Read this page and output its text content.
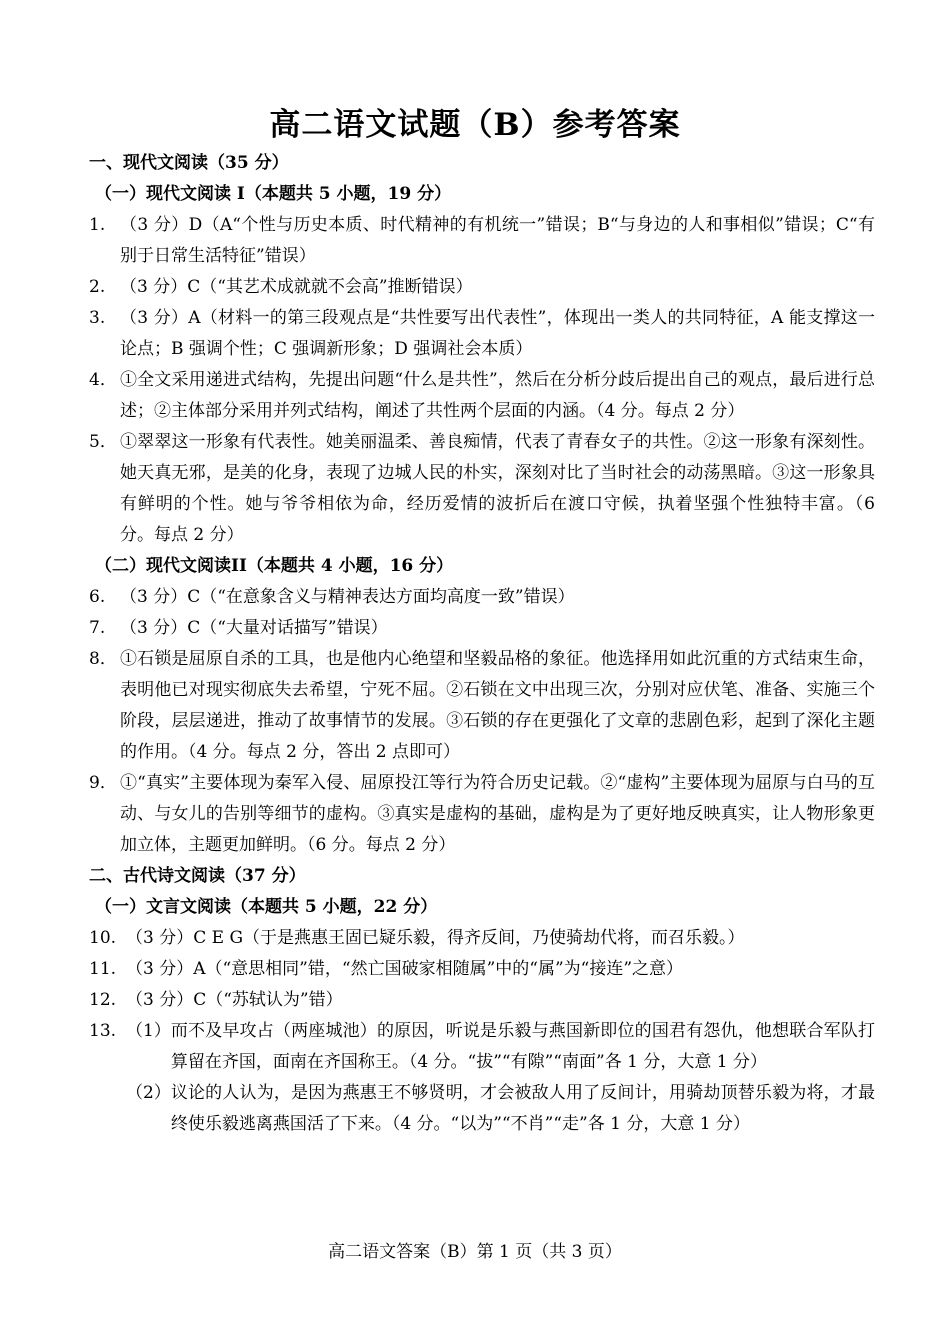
高二语文试题（B）参考答案
一、现代文阅读（35 分）
（一）现代文阅读 I（本题共 5 小题，19 分）
1. （3 分）D（A“个性与历史本质、时代精神的有机统一”错误；B“与身边的人和事相似”错误；C“有别于日常生活特征”错误）
2. （3 分）C（“其艺术成就就不会高”推断错误）
3. （3 分）A（材料一的第三段观点是“共性要写出代表性”，体现出一类人的共同特征，A 能支撑这一论点；B 强调个性；C 强调新形象；D 强调社会本质）
4． ①全文采用递进式结构，先提出问题“什么是共性”，然后在分析分歧后提出自己的观点，最后进行总述；②主体部分采用并列式结构，阐述了共性两个层面的内涵。（4 分。每点 2 分）
5． ①翠翠这一形象有代表性。她美丽温柔、善良痴情，代表了青春女子的共性。②这一形象有深刻性。她天真无邪，是美的化身，表现了边城人民的朴实，深刻对比了当时社会的动荡黑暗。③这一形象具有鲜明的个性。她与爷爷相依为命，经历爱情的波折后在渡口守候，执着坚强个性独特丰富。（6 分。每点 2 分）
（二）现代文阅读II（本题共 4 小题，16 分）
6. （3 分）C（“在意象含义与精神表达方面均高度一致”错误）
7. （3 分）C（“大量对话描写”错误）
8． ①石锁是屈原自杀的工具，也是他内心绝望和坚毅品格的象征。他选择用如此沉重的方式结束生命，表明他已对现实彻底失去希望，宁死不屈。②石锁在文中出现三次，分别对应伏笔、准备、实施三个阶段，层层递进，推动了故事情节的发展。③石锁的存在更强化了文章的悲剧色彩，起到了深化主题的作用。（4 分。每点 2 分，答出 2 点即可）
9． ①“真实”主要体现为秦军入侵、屈原投江等行为符合历史记载。②“虚构”主要体现为屈原与白马的互动、与女儿的告别等细节的虚构。③真实是虚构的基础，虚构是为了更好地反映真实，让人物形象更加立体，主题更加鲜明。（6 分。每点 2 分）
二、古代诗文阅读（37 分）
（一）文言文阅读（本题共 5 小题，22 分）
10. （3 分）C E G（于是燕惠王固已疑乐毅，得齐反间，乃使骑劫代将，而召乐毅。）
11. （3 分）A（“意思相同”错，“然亡国破家相随属”中的“属”为“接连”之意）
12. （3 分）C（“苏轼认为”错）
13. （1） 而不及早攻占（两座城池）的原因，听说是乐毅与燕国新即位的国君有怨仇，他想联合军队打算留在齐国，面南在齐国称王。（4 分。“拔”“有隙”“南面”各 1 分，大意 1 分）
（2） 议论的人认为，是因为燕惠王不够贤明，才会被敌人用了反间计，用骑劫顶替乐毅为将，才最终使乐毅逃离燕国活了下来。（4 分。“以为”“不肖”“走”各 1 分，大意 1 分）
高二语文答案（B）第 1 页（共 3 页）
